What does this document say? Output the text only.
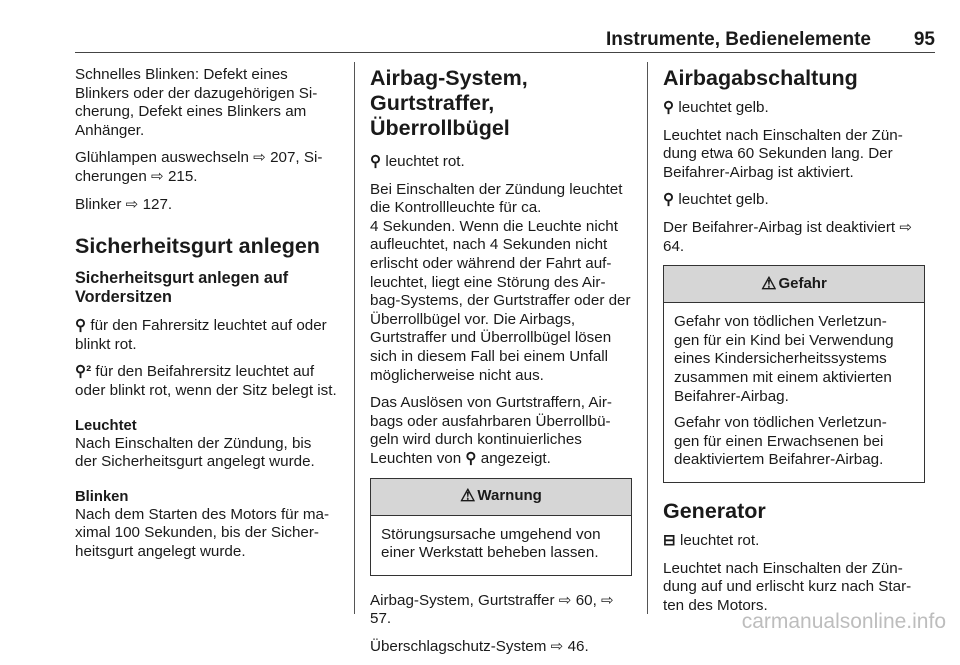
Instrumente, Bedienelemente 95

Schnelles Blinken: Defekt eines Blinkers oder der dazugehörigen Si‐ cherung, Defekt eines Blinkers am Anhänger.

Glühlampen auswechseln ⇨ 207, Si‐ cherungen ⇨ 215.

Blinker ⇨ 127.

Sicherheitsgurt anlegen
Sicherheitsgurt anlegen auf Vordersitzen

⚲ für den Fahrersitz leuchtet auf oder blinkt rot.

⚲² für den Beifahrersitz leuchtet auf oder blinkt rot, wenn der Sitz belegt ist.

Leuchtet

Nach Einschalten der Zündung, bis der Sicherheitsgurt angelegt wurde.

Blinken

Nach dem Starten des Motors für ma‐ ximal 100 Sekunden, bis der Sicher‐ heitsgurt angelegt wurde.

Airbag-System, Gurtstraffer, Überrollbügel

⚲ leuchtet rot.

Bei Einschalten der Zündung leuchtet die Kontrollleuchte für ca.

4 Sekunden. Wenn die Leuchte nicht aufleuchtet, nach 4 Sekunden nicht erlischt oder während der Fahrt auf‐ leuchtet, liegt eine Störung des Air‐ bag-Systems, der Gurtstraffer oder der Überrollbügel vor. Die Airbags, Gurtstraffer und Überrollbügel lösen sich in diesem Fall bei einem Unfall möglicherweise nicht aus.

Das Auslösen von Gurtstraffern, Air‐ bags oder ausfahrbaren Überrollbü‐ geln wird durch kontinuierliches Leuchten von ⚲ angezeigt.

⚠ Warnung

Störungsursache umgehend von einer Werkstatt beheben lassen.

Airbag-System, Gurtstraffer ⇨ 60, ⇨ 57.

Überschlagschutz-System ⇨ 46.

Airbagabschaltung

⚲ leuchtet gelb.

Leuchtet nach Einschalten der Zün‐ dung etwa 60 Sekunden lang. Der Beifahrer-Airbag ist aktiviert.

⚲ leuchtet gelb.

Der Beifahrer-Airbag ist deaktiviert ⇨ 64.

⚠ Gefahr

Gefahr von tödlichen Verletzun‐ gen für ein Kind bei Verwendung eines Kindersicherheitssystems zusammen mit einem aktivierten Beifahrer-Airbag.

Gefahr von tödlichen Verletzun‐ gen für einen Erwachsenen bei deaktiviertem Beifahrer-Airbag.

Generator

⊟ leuchtet rot.

Leuchtet nach Einschalten der Zün‐ dung auf und erlischt kurz nach Star‐ ten des Motors.

carmanualsonline.info
